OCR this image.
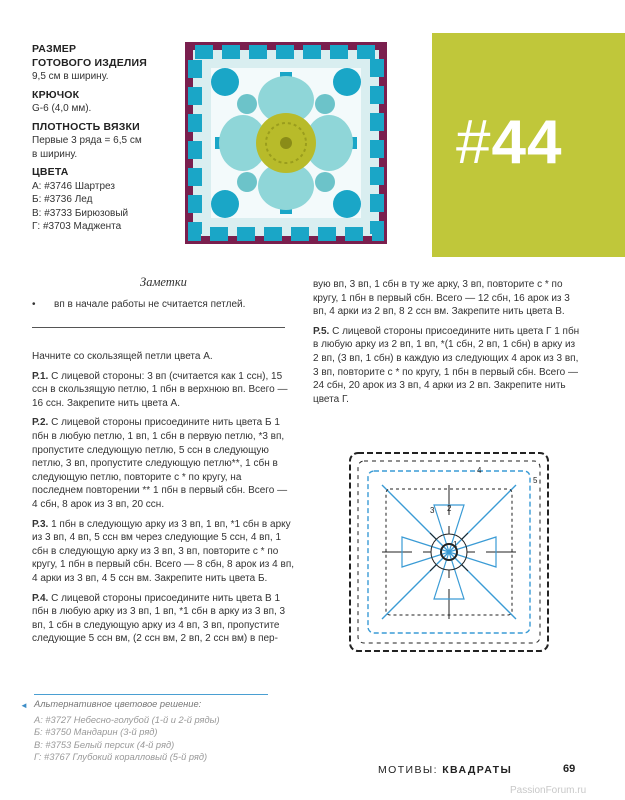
РАЗМЕР
ГОТОВОГО ИЗДЕЛИЯ
9,5 см в ширину.
КРЮЧОК
G-6 (4,0 мм).
ПЛОТНОСТЬ ВЯЗКИ
Первые 3 ряда = 6,5 см
в ширину.
ЦВЕТА
А: #3746 Шартрез
Б: #3736 Лед
В: #3733 Бирюзовый
Г: #3703 Маджента
#44
Заметки
• вп в начале работы не считается петлей.

Начните со скользящей петли цвета А.

Р.1. С лицевой стороны: 3 вп (считается как 1 ссн), 15 ссн в скользящую петлю, 1 пбн в верхнюю вп. Всего — 16 ссн. Закрепите нить цвета А.

Р.2. С лицевой стороны присоедините нить цвета Б 1 пбн в любую петлю, 1 вп, 1 сбн в первую петлю, *3 вп, пропустите следующую петлю, 5 ссн в следующую петлю, 3 вп, пропустите следующую петлю**, 1 сбн в следующую петлю, повторите с * по кругу, на последнем повторении ** 1 пбн в первый сбн. Всего — 4 сбн, 8 арок из 3 вп, 20 ссн.

Р.3. 1 пбн в следующую арку из 3 вп, 1 вп, *1 сбн в арку из 3 вп, 4 вп, 5 ссн вм через следующие 5 ссн, 4 вп, 1 сбн в следующую арку из 3 вп, 3 вп, повторите с * по кругу, 1 пбн в первый сбн. Всего — 8 сбн, 8 арок из 4 вп, 4 арки из 3 вп, 4 5 ссн вм. Закрепите нить цвета Б.

Р.4. С лицевой стороны присоедините нить цвета В 1 пбн в любую арку из 3 вп, 1 вп, *1 сбн в арку из 3 вп, 3 вп, 1 сбн в следующую арку из 4 вп, 3 вп, пропустите следующие 5 ссн вм, (2 ссн вм, 2 вп, 2 ссн вм) в пер-

вую вп, 3 вп, 1 сбн в ту же арку, 3 вп, повторите с * по кругу, 1 пбн в первый сбн. Всего — 12 сбн, 16 арок из 3 вп, 4 арки из 2 вп, 8 2 ссн вм. Закрепите нить цвета В.

Р.5. С лицевой стороны присоедините нить цвета Г 1 пбн в любую арку из 2 вп, 1 вп, *(1 сбн, 2 вп, 1 сбн) в арку из 2 вп, (3 вп, 1 сбн) в каждую из следующих 4 арок из 3 вп, 3 вп, повторите с * по кругу, 1 пбн в первый сбн. Всего — 24 сбн, 20 арок из 3 вп, 4 арки из 2 вп. Закрепите нить цвета Г.

3
4
1
2
5
◄ Альтернативное цветовое решение:
А: #3727 Небесно-голубой (1-й и 2-й ряды)
Б: #3750 Мандарин (3-й ряд)
В: #3753 Белый персик (4-й ряд)
Г: #3767 Глубокий коралловый (5-й ряд)
МОТИВЫ: КВАДРАТЫ	69
PassionForum.ru
